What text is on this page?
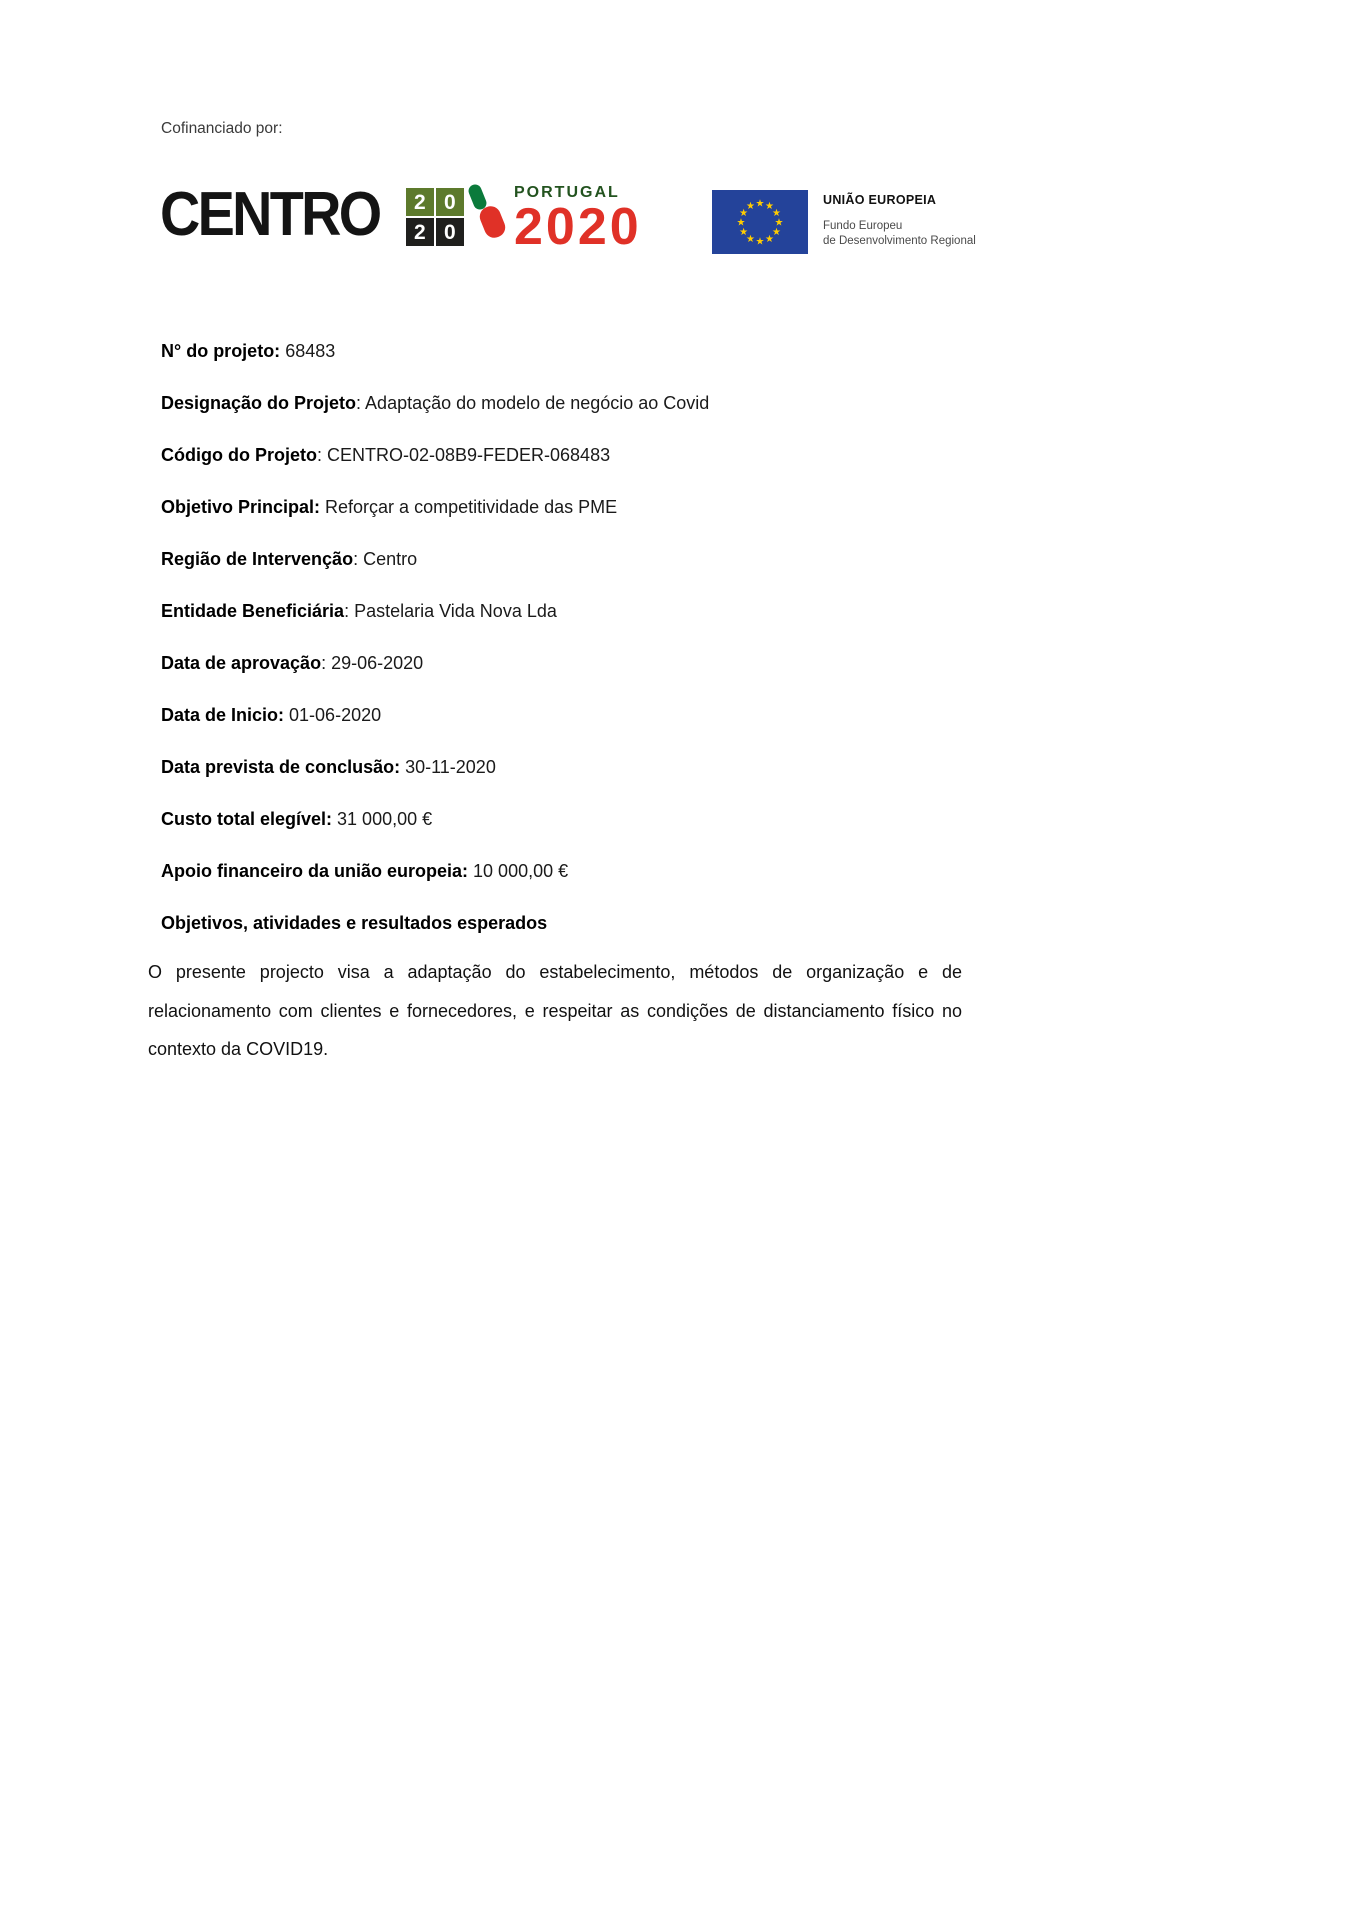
Cofinanciado por:
CENTRO	2 0
2 0
PORTUGAL
2020	★ ★
★
★
★
★
★
★
★
★
★
★	UNIÃO EUROPEIA
Fundo Europeu
de Desenvolvimento Regional
N° do projeto: 68483
Designação do Projeto: Adaptação do modelo de negócio ao Covid
Código do Projeto: CENTRO-02-08B9-FEDER-068483
Objetivo Principal: Reforçar a competitividade das PME
Região de Intervenção: Centro
Entidade Beneficiária: Pastelaria Vida Nova Lda
Data de aprovação: 29-06-2020
Data de Inicio: 01-06-2020
Data prevista de conclusão: 30-11-2020
Custo total elegível: 31 000,00 €
Apoio financeiro da união europeia: 10 000,00 €
Objetivos, atividades e resultados esperados

O presente projecto visa a adaptação do estabelecimento, métodos de organização e de relacionamento com clientes e fornecedores, e respeitar as condições de distanciamento físico no contexto da COVID19.
